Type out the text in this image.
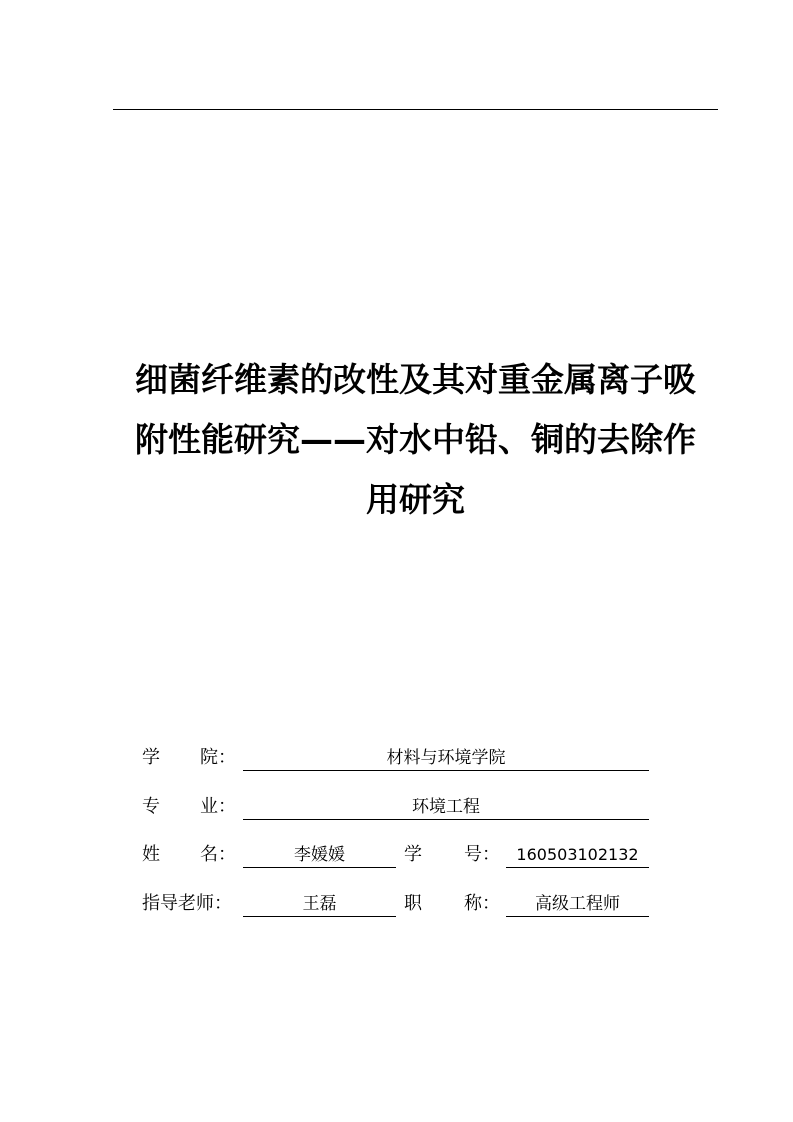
细菌纤维素的改性及其对重金属离子吸
附性能研究——对水中铅、铜的去除作
用研究
学 院：	材料与环境学院
专 业：	环境工程
姓 名：	李媛媛	学 号：	160503102132
指导老师：	王磊	职 称：	高级工程师
